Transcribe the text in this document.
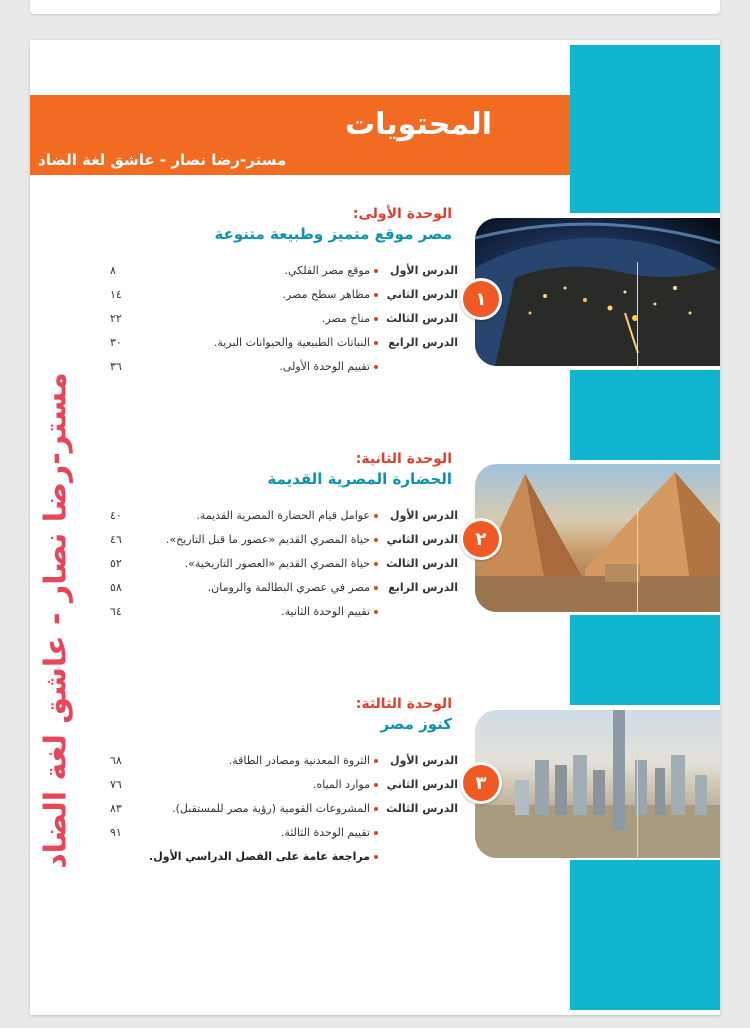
المحتويات

مستر-رضا نصار - عاشق لغة الضاد

مستر-رضا نصار - عاشق لغة الضاد
١
الوحدة الأولى:
مصر موقع متميز وطبيعة متنوعة
الدرس الأول
موقع مصر الفلكي.
٨
الدرس الثاني
مظاهر سطح مصر.
١٤
الدرس الثالث
مناخ مصر.
٢٢
الدرس الرابع
النباتات الطبيعية والحيوانات البرية.
٣٠
تقييم الوحدة الأولى.
٣٦
٢
الوحدة الثانية:
الحضارة المصرية القديمة
الدرس الأول
عوامل قيام الحضارة المصرية القديمة.
٤٠
الدرس الثاني
حياة المصري القديم «عصور ما قبل التاريخ».
٤٦
الدرس الثالث
حياة المصري القديم «العصور التاريخية».
٥٢
الدرس الرابع
مصر في عصري البطالمة والرومان.
٥٨
تقييم الوحدة الثانية.
٦٤
٣
الوحدة الثالثة:
كنوز مصر
الدرس الأول
الثروة المعدنية ومصادر الطاقة.
٦٨
الدرس الثاني
موارد المياه.
٧٦
الدرس الثالث
المشروعات القومية (رؤية مصر للمستقبل).
٨٣
تقييم الوحدة الثالثة.
٩١
مراجعة عامة على الفصل الدراسي الأول.
